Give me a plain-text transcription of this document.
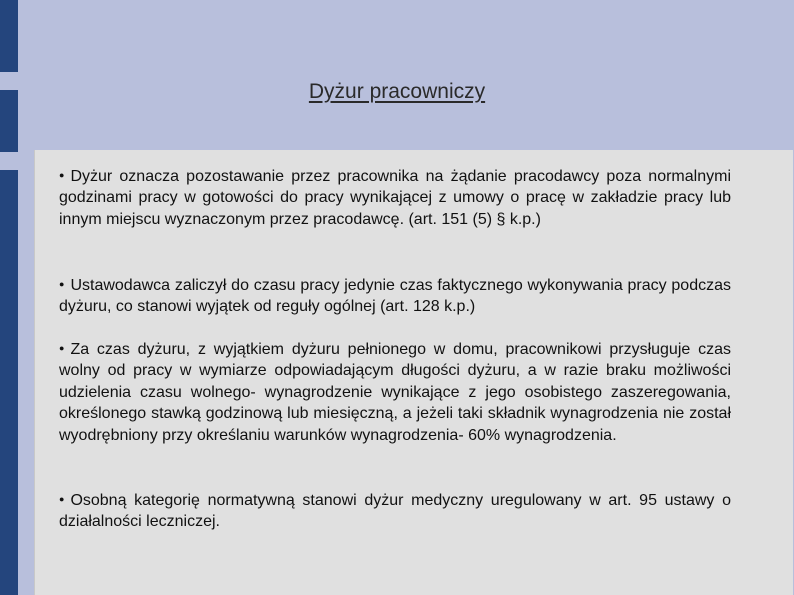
Dyżur pracowniczy
● Dyżur oznacza pozostawanie przez pracownika na żądanie pracodawcy poza normalnymi godzinami pracy w gotowości do pracy wynikającej z umowy o pracę w zakładzie pracy lub innym miejscu wyznaczonym przez pracodawcę. (art. 151 (5) § k.p.)
● Ustawodawca zaliczył do czasu pracy jedynie czas faktycznego wykonywania pracy podczas dyżuru, co stanowi wyjątek od reguły ogólnej (art. 128 k.p.)
● Za czas dyżuru, z wyjątkiem dyżuru pełnionego w domu, pracownikowi przysługuje czas wolny od pracy w wymiarze odpowiadającym długości dyżuru, a w razie braku możliwości udzielenia czasu wolnego- wynagrodzenie wynikające z jego osobistego zaszeregowania, określonego stawką godzinową lub miesięczną, a jeżeli taki składnik wynagrodzenia nie został wyodrębniony przy określaniu warunków wynagrodzenia- 60% wynagrodzenia.
● Osobną kategorię normatywną stanowi dyżur medyczny uregulowany w art. 95 ustawy o działalności leczniczej.
